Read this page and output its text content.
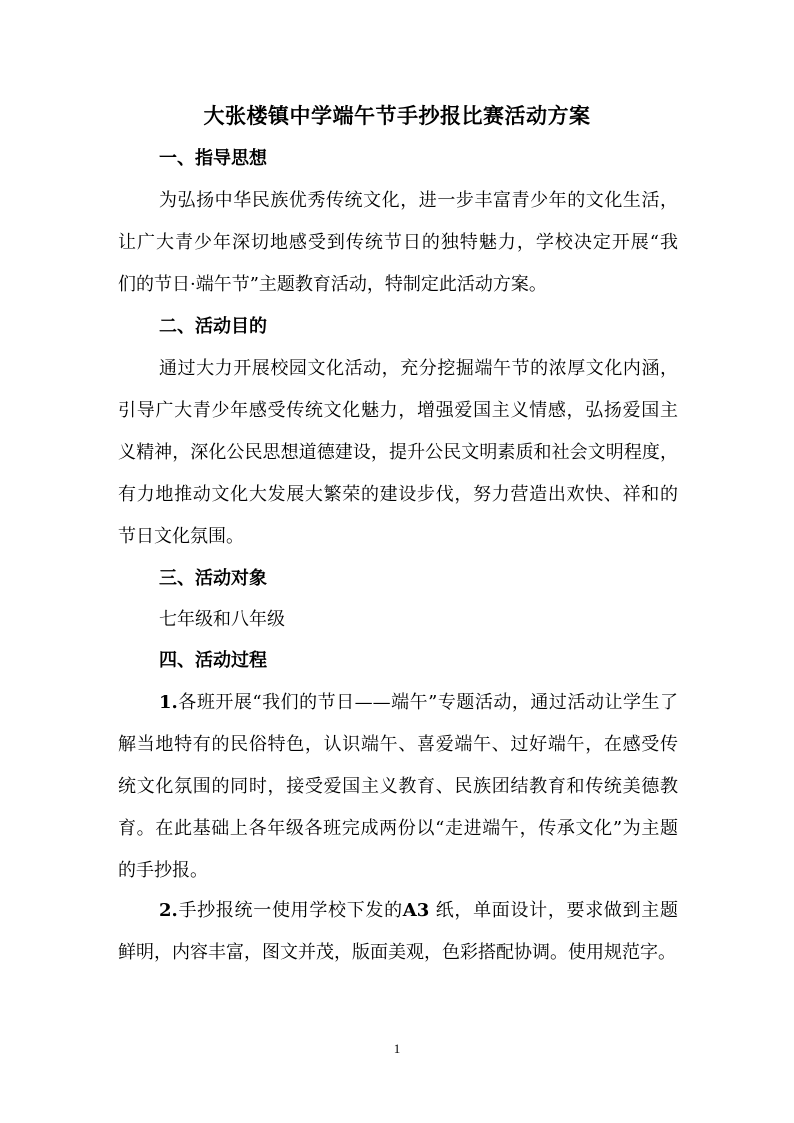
大张楼镇中学端午节手抄报比赛活动方案
一、指导思想
为弘扬中华民族优秀传统文化，进一步丰富青少年的文化生活，
让广大青少年深切地感受到传统节日的独特魅力，学校决定开展“我
们的节日·端午节”主题教育活动，特制定此活动方案。
二、活动目的
通过大力开展校园文化活动，充分挖掘端午节的浓厚文化内涵，
引导广大青少年感受传统文化魅力，增强爱国主义情感，弘扬爱国主
义精神，深化公民思想道德建设，提升公民文明素质和社会文明程度，
有力地推动文化大发展大繁荣的建设步伐，努力营造出欢快、祥和的
节日文化氛围。
三、活动对象
七年级和八年级
四、活动过程
1.各班开展“我们的节日——端午”专题活动，通过活动让学生了
解当地特有的民俗特色，认识端午、喜爱端午、过好端午，在感受传
统文化氛围的同时，接受爱国主义教育、民族团结教育和传统美德教
育。在此基础上各年级各班完成两份以“走进端午，传承文化”为主题
的手抄报。
2.手抄报统一使用学校下发的A3 纸，单面设计，要求做到主题
鲜明，内容丰富，图文并茂，版面美观，色彩搭配协调。使用规范字。
1
